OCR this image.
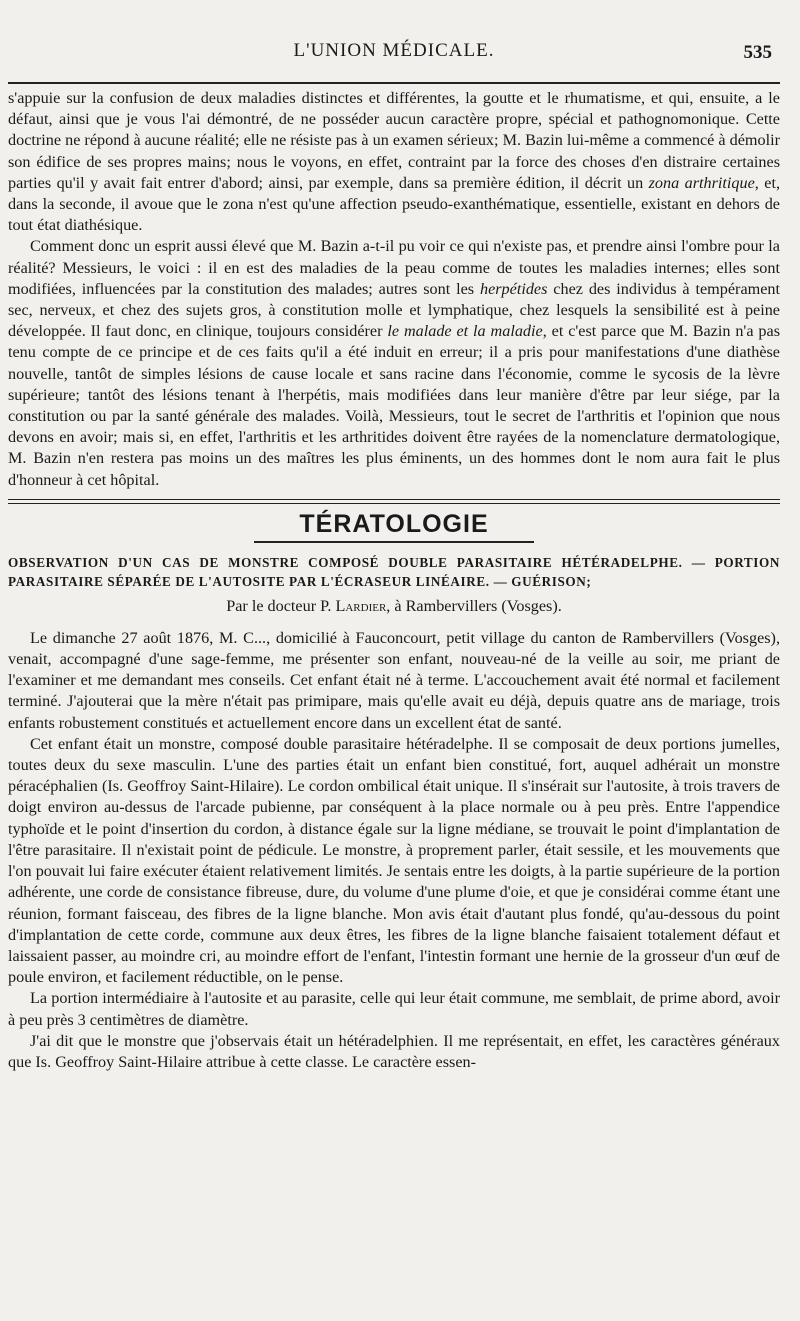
L'UNION MÉDICALE.	535

s'appuie sur la confusion de deux maladies distinctes et différentes, la goutte et le rhumatisme, et qui, ensuite, a le défaut, ainsi que je vous l'ai démontré, de ne posséder aucun caractère propre, spécial et pathognomonique. Cette doctrine ne répond à aucune réalité; elle ne résiste pas à un examen sérieux; M. Bazin lui-même a commencé à démolir son édifice de ses propres mains; nous le voyons, en effet, contraint par la force des choses d'en distraire certaines parties qu'il y avait fait entrer d'abord; ainsi, par exemple, dans sa première édition, il décrit un zona arthritique, et, dans la seconde, il avoue que le zona n'est qu'une affection pseudo-exanthématique, essentielle, existant en dehors de tout état diathésique.

Comment donc un esprit aussi élevé que M. Bazin a-t-il pu voir ce qui n'existe pas, et prendre ainsi l'ombre pour la réalité? Messieurs, le voici : il en est des maladies de la peau comme de toutes les maladies internes; elles sont modifiées, influencées par la constitution des malades; autres sont les herpétides chez des individus à tempérament sec, nerveux, et chez des sujets gros, à constitution molle et lymphatique, chez lesquels la sensibilité est à peine développée. Il faut donc, en clinique, toujours considérer le malade et la maladie, et c'est parce que M. Bazin n'a pas tenu compte de ce principe et de ces faits qu'il a été induit en erreur; il a pris pour manifestations d'une diathèse nouvelle, tantôt de simples lésions de cause locale et sans racine dans l'économie, comme le sycosis de la lèvre supérieure; tantôt des lésions tenant à l'herpétis, mais modifiées dans leur manière d'être par leur siége, par la constitution ou par la santé générale des malades. Voilà, Messieurs, tout le secret de l'arthritis et l'opinion que nous devons en avoir; mais si, en effet, l'arthritis et les arthritides doivent être rayées de la nomenclature dermatologique, M. Bazin n'en restera pas moins un des maîtres les plus éminents, un des hommes dont le nom aura fait le plus d'honneur à cet hôpital.

TÉRATOLOGIE

OBSERVATION D'UN CAS DE MONSTRE COMPOSÉ DOUBLE PARASITAIRE HÉTÉRADELPHE. — PORTION PARASITAIRE SÉPARÉE DE L'AUTOSITE PAR L'ÉCRASEUR LINÉAIRE. — GUÉRISON;

Par le docteur P. Lardier, à Rambervillers (Vosges).

Le dimanche 27 août 1876, M. C..., domicilié à Fauconcourt, petit village du canton de Rambervillers (Vosges), venait, accompagné d'une sage-femme, me présenter son enfant, nouveau-né de la veille au soir, me priant de l'examiner et me demandant mes conseils. Cet enfant était né à terme. L'accouchement avait été normal et facilement terminé. J'ajouterai que la mère n'était pas primipare, mais qu'elle avait eu déjà, depuis quatre ans de mariage, trois enfants robustement constitués et actuellement encore dans un excellent état de santé.

Cet enfant était un monstre, composé double parasitaire hétéradelphe. Il se composait de deux portions jumelles, toutes deux du sexe masculin. L'une des parties était un enfant bien constitué, fort, auquel adhérait un monstre péracéphalien (Is. Geoffroy Saint-Hilaire). Le cordon ombilical était unique. Il s'insérait sur l'autosite, à trois travers de doigt environ au-dessus de l'arcade pubienne, par conséquent à la place normale ou à peu près. Entre l'appendice typhoïde et le point d'insertion du cordon, à distance égale sur la ligne médiane, se trouvait le point d'implantation de l'être parasitaire. Il n'existait point de pédicule. Le monstre, à proprement parler, était sessile, et les mouvements que l'on pouvait lui faire exécuter étaient relativement limités. Je sentais entre les doigts, à la partie supérieure de la portion adhérente, une corde de consistance fibreuse, dure, du volume d'une plume d'oie, et que je considérai comme étant une réunion, formant faisceau, des fibres de la ligne blanche. Mon avis était d'autant plus fondé, qu'au-dessous du point d'implantation de cette corde, commune aux deux êtres, les fibres de la ligne blanche faisaient totalement défaut et laissaient passer, au moindre cri, au moindre effort de l'enfant, l'intestin formant une hernie de la grosseur d'un œuf de poule environ, et facilement réductible, on le pense.

La portion intermédiaire à l'autosite et au parasite, celle qui leur était commune, me semblait, de prime abord, avoir à peu près 3 centimètres de diamètre.

J'ai dit que le monstre que j'observais était un hétéradelphien. Il me représentait, en effet, les caractères généraux que Is. Geoffroy Saint-Hilaire attribue à cette classe. Le caractère essen-
